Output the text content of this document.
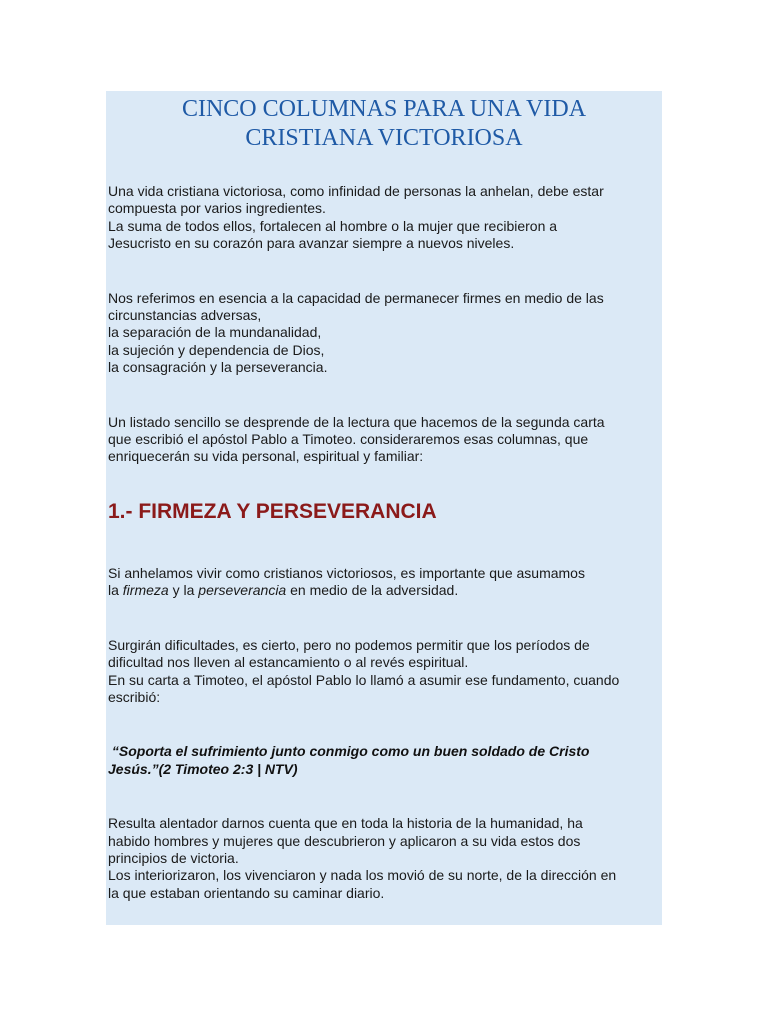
CINCO COLUMNAS PARA UNA VIDA
CRISTIANA VICTORIOSA

Una vida cristiana victoriosa, como infinidad de personas la anhelan, debe estar
compuesta por varios ingredientes.
La suma de todos ellos, fortalecen al hombre o la mujer que recibieron a
Jesucristo en su corazón para avanzar siempre a nuevos niveles.

Nos referimos en esencia a la capacidad de permanecer firmes en medio de las
circunstancias adversas,
la separación de la mundanalidad,
la sujeción y dependencia de Dios,
la consagración y la perseverancia.

Un listado sencillo se desprende de la lectura que hacemos de la segunda carta
que escribió el apóstol Pablo a Timoteo. consideraremos esas columnas, que
enriquecerán su vida personal, espiritual y familiar:

1.- FIRMEZA Y PERSEVERANCIA

Si anhelamos vivir como cristianos victoriosos, es importante que asumamos
la firmeza y la perseverancia en medio de la adversidad.

Surgirán dificultades, es cierto, pero no podemos permitir que los períodos de
dificultad nos lleven al estancamiento o al revés espiritual.
En su carta a Timoteo, el apóstol Pablo lo llamó a asumir ese fundamento, cuando
escribió:

“Soporta el sufrimiento junto conmigo como un buen soldado de Cristo
Jesús.”(2 Timoteo 2:3 | NTV)

Resulta alentador darnos cuenta que en toda la historia de la humanidad, ha
habido hombres y mujeres que descubrieron y aplicaron a su vida estos dos
principios de victoria.
Los interiorizaron, los vivenciaron y nada los movió de su norte, de la dirección en
la que estaban orientando su caminar diario.
